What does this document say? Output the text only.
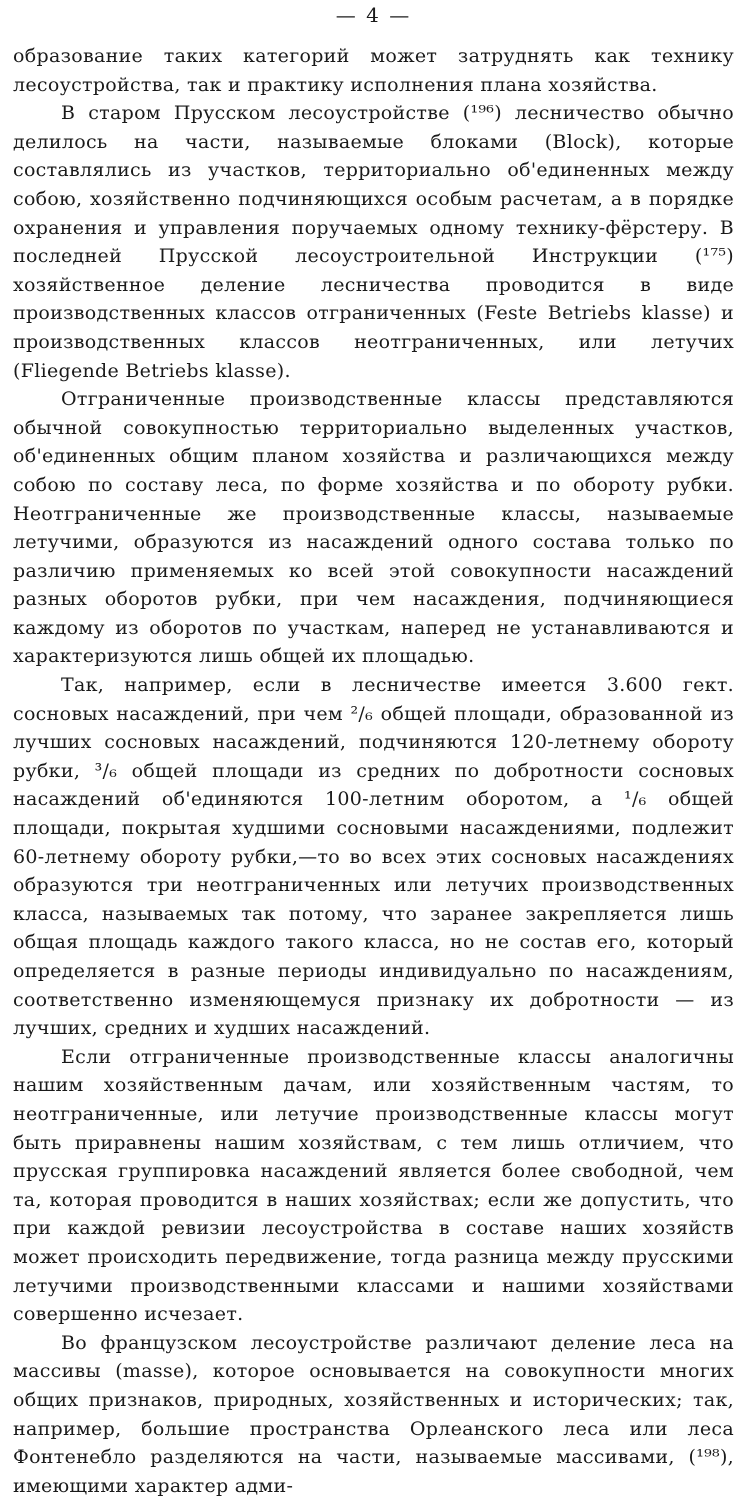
— 4 —

образование таких категорий может затруднять как технику лесоустройства, так и практику исполнения плана хозяйства.

В старом Прусском лесоустройстве (¹⁹⁶) лесничество обычно делилось на части, называемые блоками (Block), которые составлялись из участков, территориально об'единенных между собою, хозяйственно подчиняющихся особым расчетам, а в порядке охранения и управления поручаемых одному технику-фёрстеру. В последней Прусской лесоустроительной Инструкции (¹⁷⁵) хозяйственное деление лесничества проводится в виде производственных классов отграниченных (Feste Betriebs klasse) и производственных классов неотграниченных, или летучих (Fliegende Betriebs klasse).

Отграниченные производственные классы представляются обычной совокупностью территориально выделенных участков, об'единенных общим планом хозяйства и различающихся между собою по составу леса, по форме хозяйства и по обороту рубки. Неотграниченные же производственные классы, называемые летучими, образуются из насаждений одного состава только по различию применяемых ко всей этой совокупности насаждений разных оборотов рубки, при чем насаждения, подчиняющиеся каждому из оборотов по участкам, наперед не устанавливаются и характеризуются лишь общей их площадью.

Так, например, если в лесничестве имеется 3.600 гект. сосновых насаждений, при чем ²/₆ общей площади, образованной из лучших сосновых насаждений, подчиняются 120-летнему обороту рубки, ³/₆ общей площади из средних по добротности сосновых насаждений об'единяются 100-летним оборотом, а ¹/₆ общей площади, покрытая худшими сосновыми насаждениями, подлежит 60-летнему обороту рубки,—то во всех этих сосновых насаждениях образуются три неотграниченных или летучих производственных класса, называемых так потому, что заранее закрепляется лишь общая площадь каждого такого класса, но не состав его, который определяется в разные периоды индивидуально по насаждениям, соответственно изменяющемуся признаку их добротности — из лучших, средних и худших насаждений.

Если отграниченные производственные классы аналогичны нашим хозяйственным дачам, или хозяйственным частям, то неотграниченные, или летучие производственные классы могут быть приравнены нашим хозяйствам, с тем лишь отличием, что прусская группировка насаждений является более свободной, чем та, которая проводится в наших хозяйствах; если же допустить, что при каждой ревизии лесоустройства в составе наших хозяйств может происходить передвижение, тогда разница между прусскими летучими производственными классами и нашими хозяйствами совершенно исчезает.

Во французском лесоустройстве различают деление леса на массивы (masse), которое основывается на совокупности многих общих признаков, природных, хозяйственных и исторических; так, например, большие пространства Орлеанского леса или леса Фонтенебло разделяются на части, называемые массивами, (¹⁹⁸), имеющими характер адми-
